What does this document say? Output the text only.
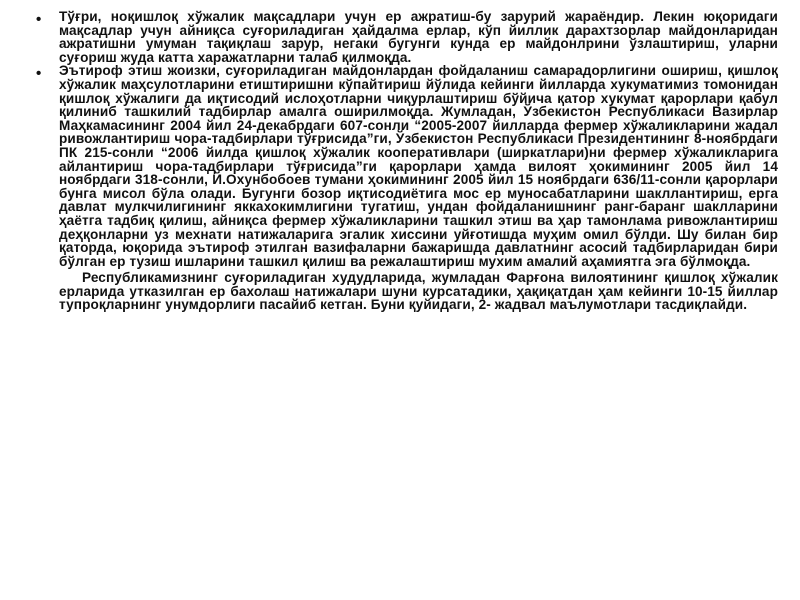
• Тўғри, ноқишлоқ хўжалик мақсадлари учун ер ажратиш-бу зарурий жараёндир. Лекин юқоридаги мақсадлар учун айниқса суғориладиган ҳайдалма ерлар, кўп йиллик дарахтзорлар майдонларидан ажратишни умуман тақиқлаш зарур, негаки бугунги кунда ер майдонлрини ўзлаштириш, уларни суғориш жуда катта харажатларни талаб қилмоқда.

• Эътироф этиш жоизки, суғориладиган майдонлардан фойдаланиш самарадорлигини ошириш, қишлоқ хўжалик маҳсулотларини етиштиришни кўпайтириш йўлида кейинги йилларда хукуматимиз томонидан қишлоқ хўжалиги да иқтисодий ислоҳотларни чиқурлаштириш бўйича қатор хукумат қарорлари қабул қилиниб ташкилий тадбирлар амалга оширилмоқда. Жумладан, Ўзбекистон Республикаси Вазирлар Маҳкамасининг 2004 йил 24-декабрдаги 607-сонли “2005-2007 йилларда фермер хўжаликларини жадал ривожлантириш чора-тадбирлари тўғрисида”ги, Ўзбекистон Республикаси Президентининг 8-ноябрдаги ПК 215-сонли “2006 йилда қишлоқ хўжалик кооперативлари (ширкатлари)ни фермер хўжаликларига айлантириш чора-тадбирлари тўғрисида”ги қарорлари ҳамда вилоят ҳокимининг 2005 йил 14 ноябрдаги 318-сонли, Й.Охунбобоев тумани ҳокимининг 2005 йил 15 ноябрдаги 636/11-сонли қарорлари бунга мисол бўла олади. Бугунги бозор иқтисодиётига мос ер муносабатларини шакллантириш, ерга давлат мулкчилигининг яккахокимлигини тугатиш, ундан фойдаланишнинг ранг-баранг шаклларини ҳаётга тадбиқ қилиш, айниқса фермер хўжаликларини ташкил этиш ва ҳар тамонлама ривожлантириш деҳқонларни уз мехнати натижаларига эгалик хиссини уйғотишда муҳим омил бўлди. Шу билан бир қаторда, юқорида эътироф этилган вазифаларни бажаришда давлатнинг асосий тадбирларидан бири бўлган ер тузиш ишларини ташкил қилиш ва режалаштириш мухим амалий аҳамиятга эга бўлмоқда.

Республикамизнинг суғориладиган худудларида, жумладан Фарғона вилоятининг қишлоқ хўжалик ерларида утказилган ер бахолаш натижалари шуни курсатадики, ҳақиқатдан ҳам кейинги 10-15 йиллар тупроқларнинг унумдорлиги пасайиб кетган. Буни қуйидаги, 2- жадвал маълумотлари тасдиқлайди.
